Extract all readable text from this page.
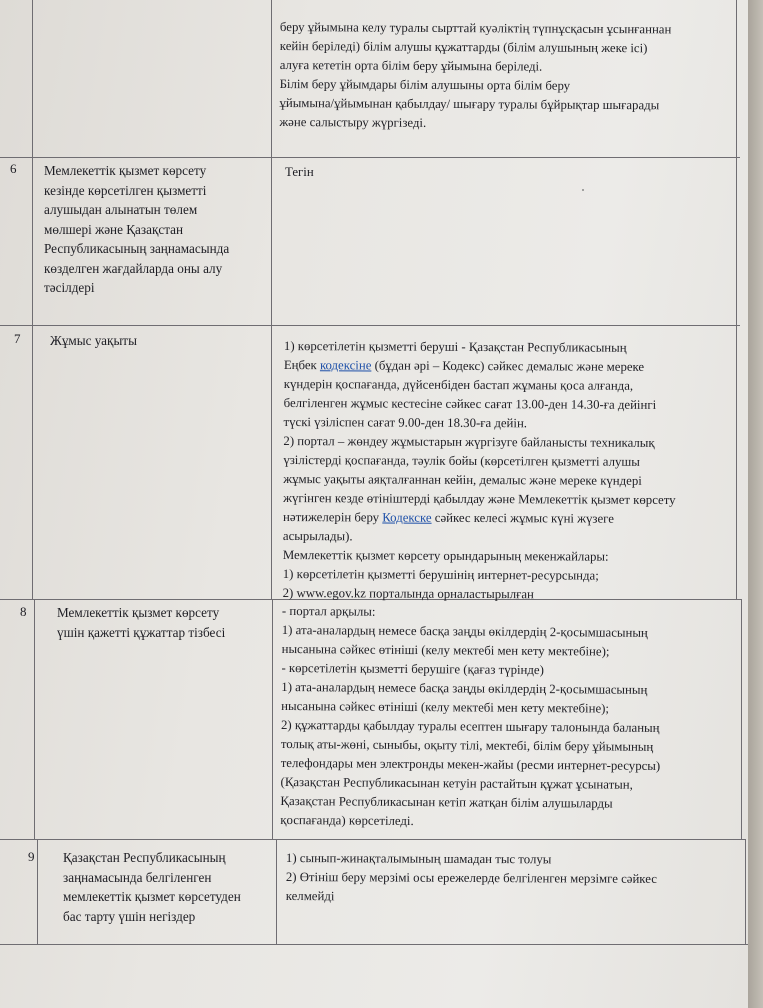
беру ұйымына келу туралы сырттай куәліктің түпнұсқасын ұсынғаннан
кейін беріледі) білім алушы құжаттарды (білім алушының жеке ісі)
алуға кететін орта білім беру ұйымына беріледі.
Білім беру ұйымдары білім алушыны орта білім беру
ұйымына/ұйымынан қабылдау/ шығару туралы бұйрықтар шығарады
және салыстыру жүргізеді.
6 Мемлекеттік қызмет көрсету
кезінде көрсетілген қызметті
алушыдан алынатын төлем
мөлшері және Қазақстан
Республикасының заңнамасында
көзделген жағдайларда оны алу
тәсілдері
Тегін
7 Жұмыс уақыты	1) көрсетілетін қызметті беруші - Қазақстан Республикасының
Еңбек кодексіне (бұдан әрі – Кодекс) сәйкес демалыс және мереке
күндерін қоспағанда, дүйсенбіден бастап жұманы қоса алғанда,
белгіленген жұмыс кестесіне сәйкес сағат 13.00-ден 14.30-ға дейінгі
түскі үзіліспен сағат 9.00-ден 18.30-ға дейін.
2) портал – жөндеу жұмыстарын жүргізуге байланысты техникалық
үзілістерді қоспағанда, тәулік бойы (көрсетілген қызметті алушы
жұмыс уақыты аяқталғаннан кейін, демалыс және мереке күндері
жүгінген кезде өтініштерді қабылдау және Мемлекеттік қызмет көрсету
нәтижелерін беру Кодекске сәйкес келесі жұмыс күні жүзеге
асырылады).
Мемлекеттік қызмет көрсету орындарының мекенжайлары:
1) көрсетілетін қызметті берушінің интернет-ресурсында;
2) www.egov.kz порталында орналастырылған
8 Мемлекеттік қызмет көрсету
үшін қажетті құжаттар тізбесі
- портал арқылы:
1) ата-аналардың немесе басқа заңды өкілдердің 2-қосымшасының
нысанына сәйкес өтініші (келу мектебі мен кету мектебіне);
- көрсетілетін қызметті берушіге (қағаз түрінде)
1) ата-аналардың немесе басқа заңды өкілдердің 2-қосымшасының
нысанына сәйкес өтініші (келу мектебі мен кету мектебіне);
2) құжаттарды қабылдау туралы есептен шығару талонында баланың
толық аты-жөні, сыныбы, оқыту тілі, мектебі, білім беру ұйымының
телефондары мен электронды мекен-жайы (ресми интернет-ресурсы)
(Қазақстан Республикасынан кетуін растайтын құжат ұсынатын,
Қазақстан Республикасынан кетіп жатқан білім алушыларды
қоспағанда) көрсетіледі.
9 Қазақстан Республикасының
заңнамасында белгіленген
мемлекеттік қызмет көрсетуден
бас тарту үшін негіздер
1) сынып-жинақталымының шамадан тыс толуы
2) Өтініш беру мерзімі осы ережелерде белгіленген мерзімге сәйкес
келмейді
